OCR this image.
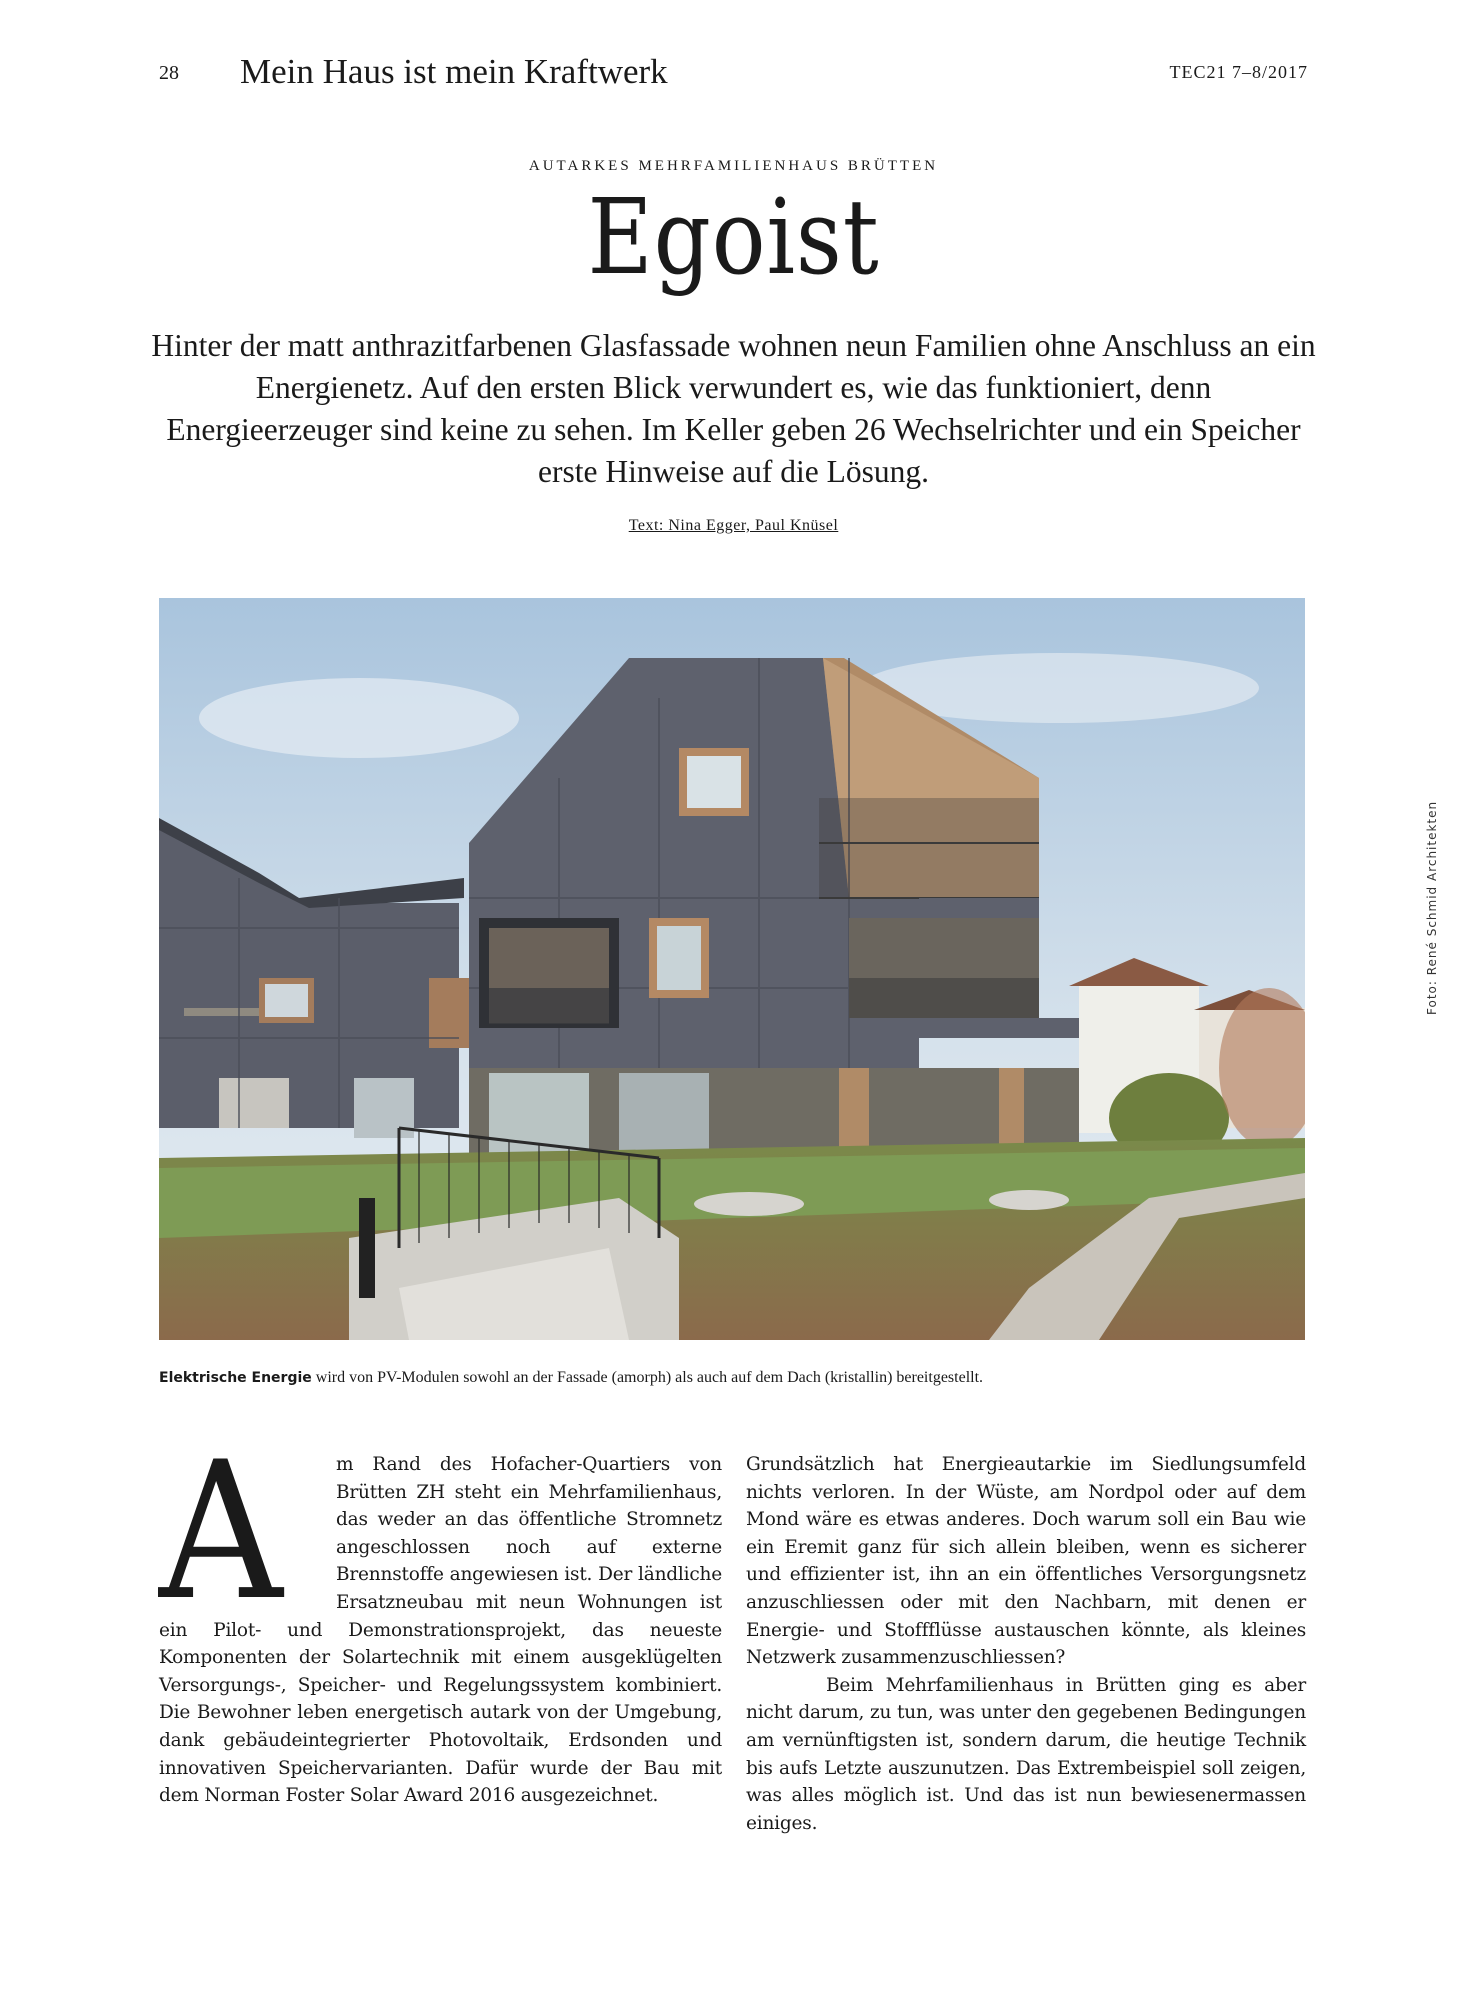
28 Mein Haus ist mein Kraftwerk	TEC21 7–8/2017
AUTARKES MEHRFAMILIENHAUS BRÜTTEN
Egoist
Hinter der matt anthrazitfarbenen Glasfassade wohnen neun Familien ohne Anschluss an ein Energienetz. Auf den ersten Blick verwundert es, wie das funktioniert, denn Energieerzeuger sind keine zu sehen. Im Keller geben 26 Wechselrichter und ein Speicher erste Hinweise auf die Lösung.
Text: Nina Egger, Paul Knüsel
Foto: René Schmid Architekten
Elektrische Energie wird von PV-Modulen sowohl an der Fassade (amorph) als auch auf dem Dach (kristallin) bereitgestellt.
A	m Rand des Hofacher-Quartiers von Brütten ZH steht ein Mehrfamilienhaus, das weder an das öffentliche Stromnetz angeschlossen noch auf externe Brennstoffe angewiesen ist. Der ländliche Ersatzneubau mit neun Wohnungen ist ein Pilot- und Demonstrationsprojekt, das neueste Komponenten der Solartechnik mit einem ausgeklügelten Versorgungs-, Speicher- und Regelungssystem kombiniert. Die Bewohner leben energetisch autark von der Umgebung, dank gebäudeintegrierter Photovoltaik, Erdsonden und innovativen Speichervarianten. Dafür wurde der Bau mit dem Norman Foster Solar Award 2016 ausgezeichnet.

Grundsätzlich hat Energieautarkie im Siedlungsumfeld nichts verloren. In der Wüste, am Nordpol oder auf dem Mond wäre es etwas anderes. Doch warum soll ein Bau wie ein Eremit ganz für sich allein bleiben, wenn es sicherer und effizienter ist, ihn an ein öffentliches Versorgungsnetz anzuschliessen oder mit den Nachbarn, mit denen er Energie- und Stoffflüsse austauschen könnte, als kleines Netzwerk zusammenzuschliessen?

Beim Mehrfamilienhaus in Brütten ging es aber nicht darum, zu tun, was unter den gegebenen Bedingungen am vernünftigsten ist, sondern darum, die heutige Technik bis aufs Letzte auszunutzen. Das Extrembeispiel soll zeigen, was alles möglich ist. Und das ist nun bewiesenermassen einiges.
